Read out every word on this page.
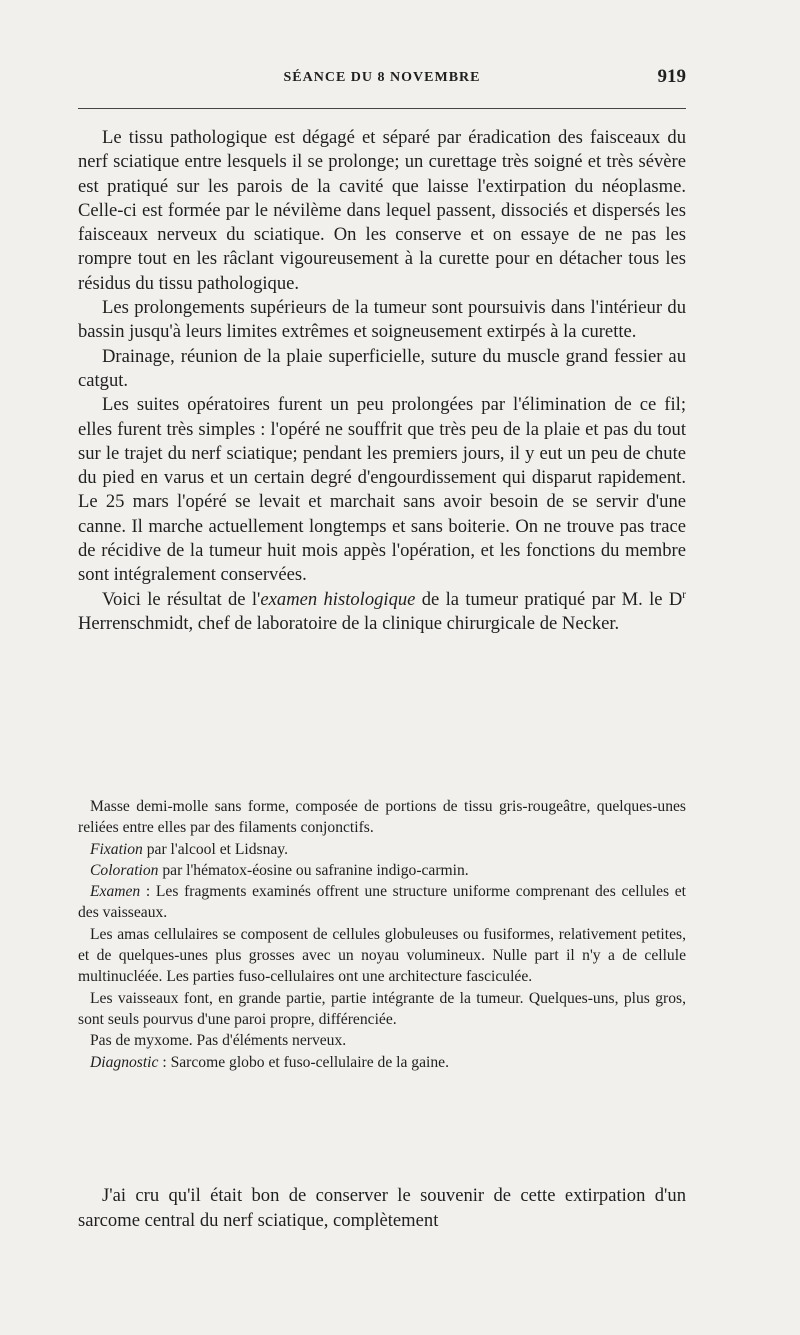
SÉANCE DU 8 NOVEMBRE	919

Le tissu pathologique est dégagé et séparé par éradication des faisceaux du nerf sciatique entre lesquels il se prolonge; un curettage très soigné et très sévère est pratiqué sur les parois de la cavité que laisse l'extirpation du néoplasme. Celle-ci est formée par le névilème dans lequel passent, dissociés et dispersés les faisceaux nerveux du sciatique. On les conserve et on essaye de ne pas les rompre tout en les râclant vigoureusement à la curette pour en détacher tous les résidus du tissu pathologique.

Les prolongements supérieurs de la tumeur sont poursuivis dans l'intérieur du bassin jusqu'à leurs limites extrêmes et soigneusement extirpés à la curette.

Drainage, réunion de la plaie superficielle, suture du muscle grand fessier au catgut.

Les suites opératoires furent un peu prolongées par l'élimination de ce fil; elles furent très simples : l'opéré ne souffrit que très peu de la plaie et pas du tout sur le trajet du nerf sciatique; pendant les premiers jours, il y eut un peu de chute du pied en varus et un certain degré d'engourdissement qui disparut rapidement. Le 25 mars l'opéré se levait et marchait sans avoir besoin de se servir d'une canne. Il marche actuellement longtemps et sans boiterie. On ne trouve pas trace de récidive de la tumeur huit mois appès l'opération, et les fonctions du membre sont intégralement conservées.

Voici le résultat de l'examen histologique de la tumeur pratiqué par M. le $D^r$ Herrenschmidt, chef de laboratoire de la clinique chirurgicale de Necker.

Masse demi-molle sans forme, composée de portions de tissu gris-rougeâtre, quelques-unes reliées entre elles par des filaments conjonctifs.

Fixation par l'alcool et Lidsnay.

Coloration par l'hématox-éosine ou safranine indigo-carmin.

Examen : Les fragments examinés offrent une structure uniforme comprenant des cellules et des vaisseaux.

Les amas cellulaires se composent de cellules globuleuses ou fusiformes, relativement petites, et de quelques-unes plus grosses avec un noyau volumineux. Nulle part il n'y a de cellule multinucléée. Les parties fuso-cellulaires ont une architecture fasciculée.

Les vaisseaux font, en grande partie, partie intégrante de la tumeur. Quelques-uns, plus gros, sont seuls pourvus d'une paroi propre, différenciée.

Pas de myxome. Pas d'éléments nerveux.

Diagnostic : Sarcome globo et fuso-cellulaire de la gaine.

J'ai cru qu'il était bon de conserver le souvenir de cette extirpation d'un sarcome central du nerf sciatique, complètement
